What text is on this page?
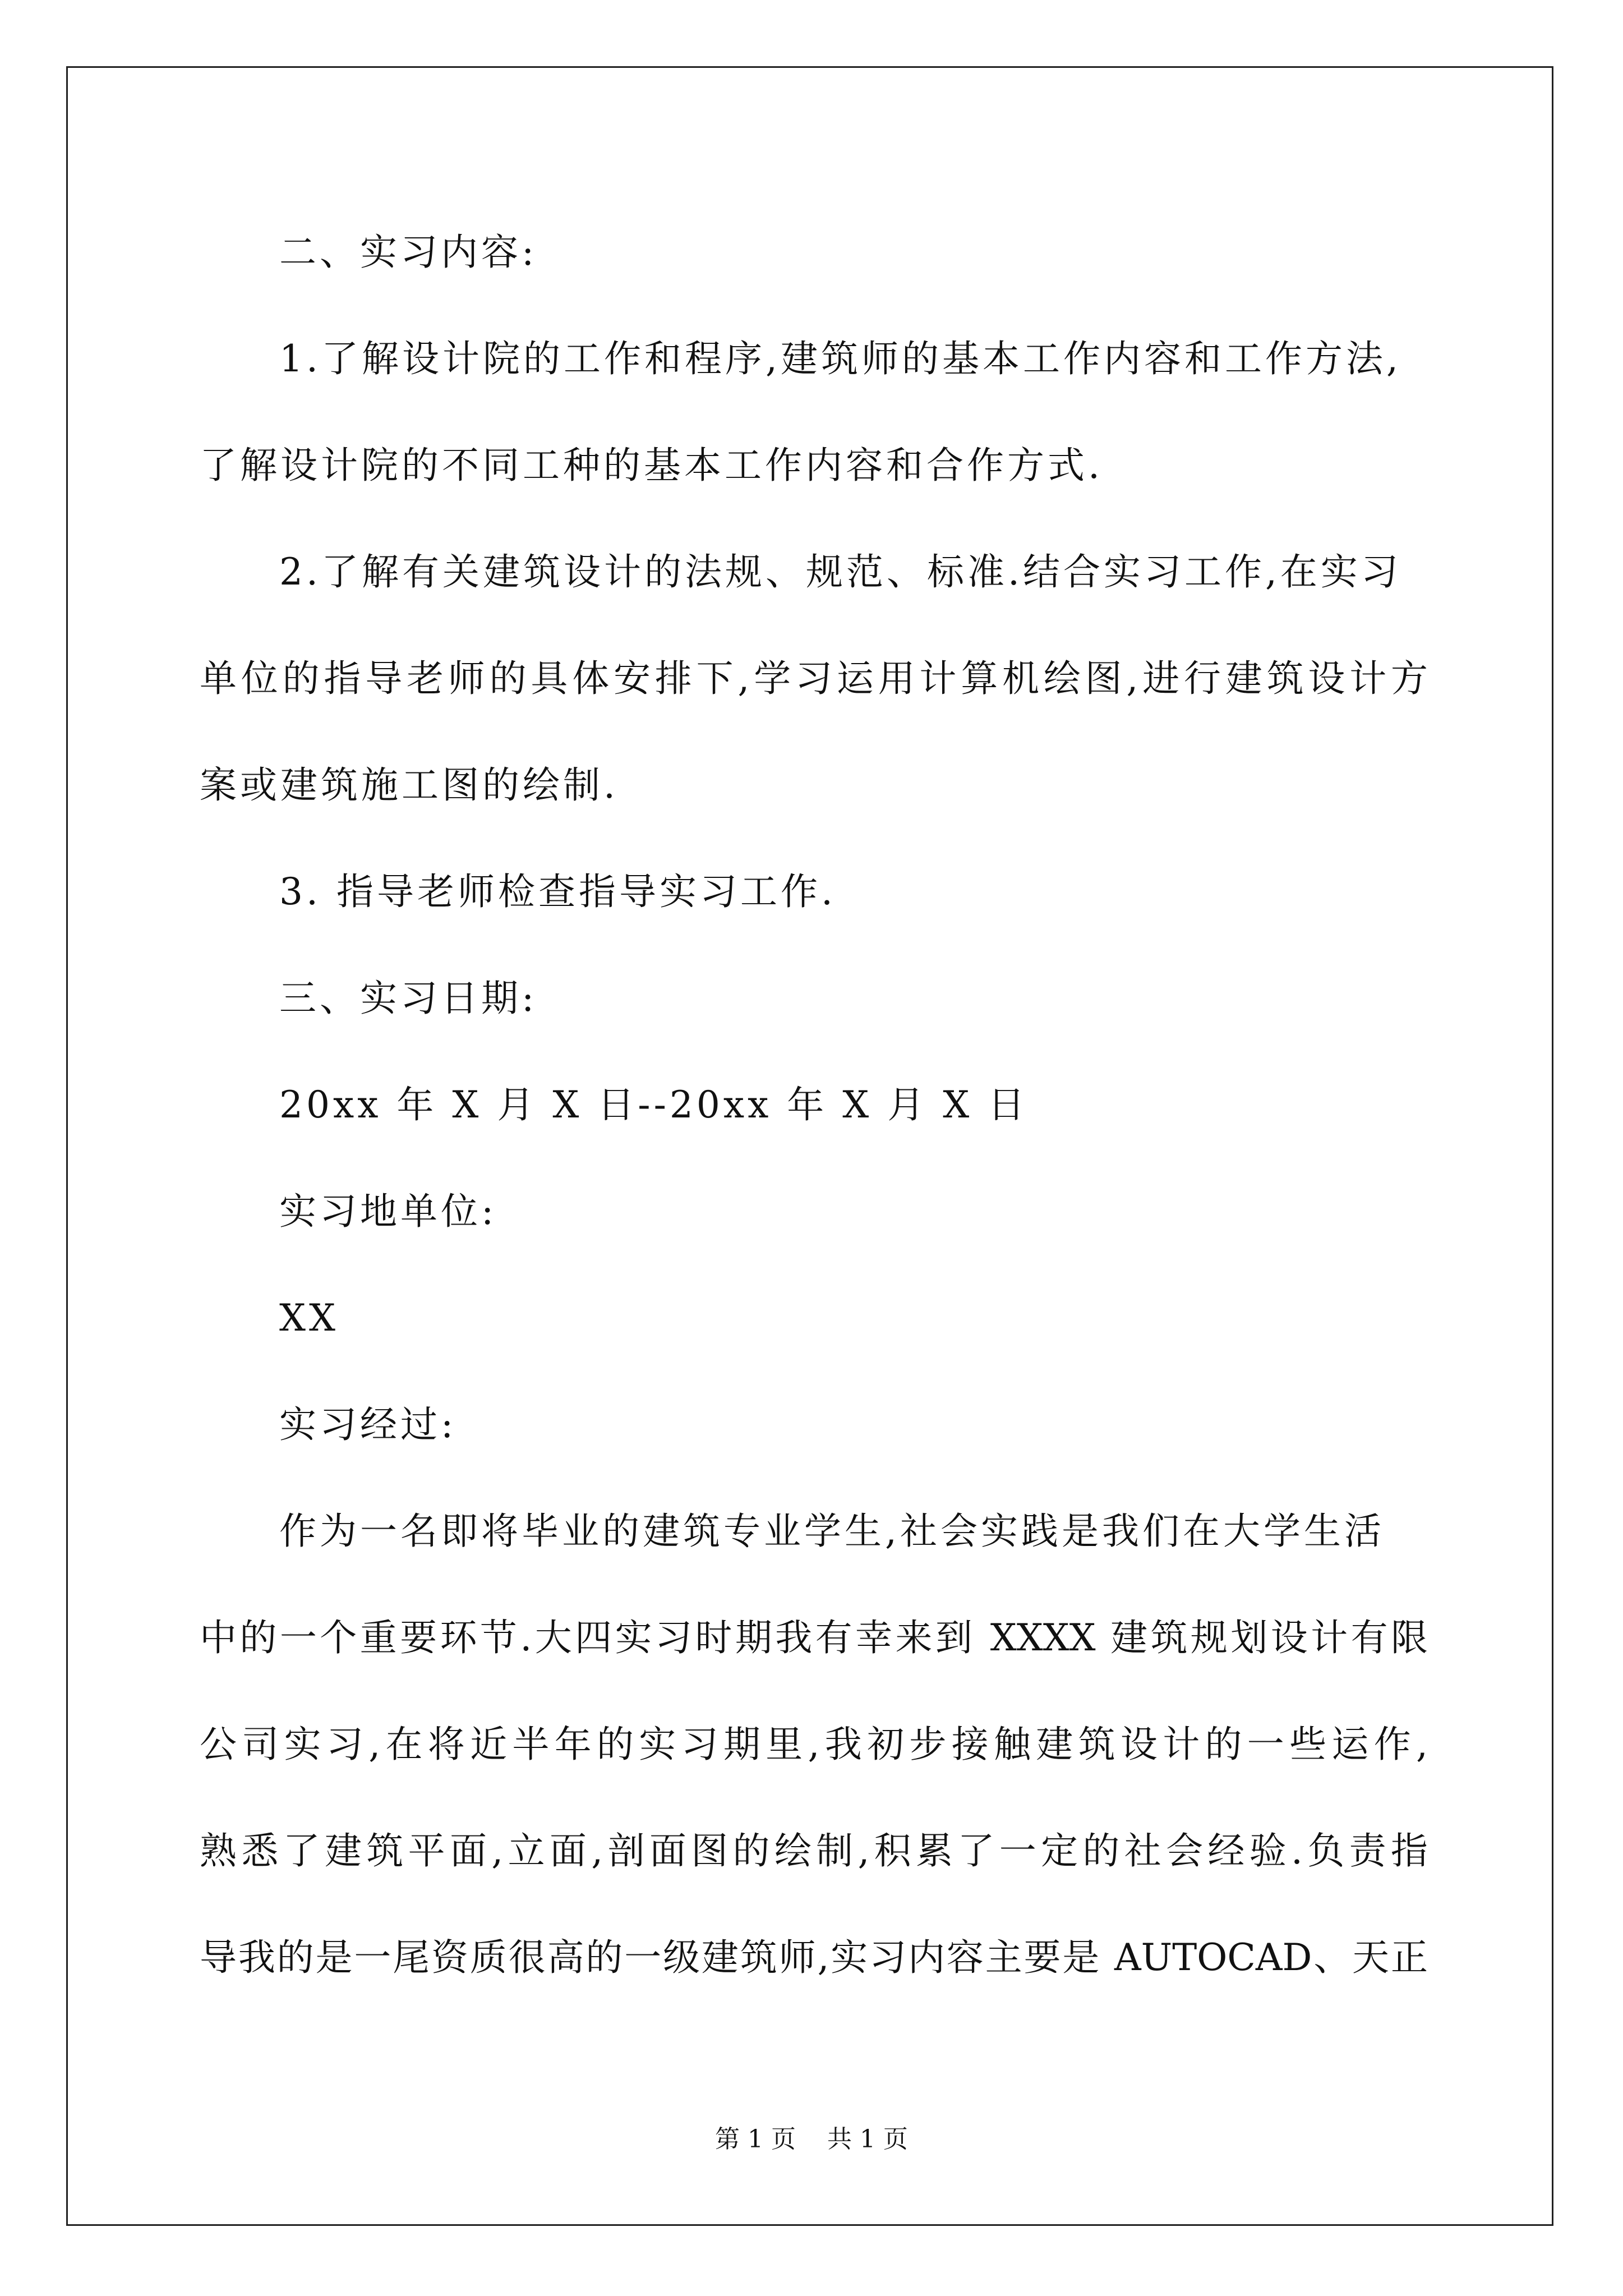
二、实习内容:
1.了解设计院的工作和程序,建筑师的基本工作内容和工作方法,
了解设计院的不同工种的基本工作内容和合作方式.
2.了解有关建筑设计的法规、规范、标准.结合实习工作,在实习
单位的指导老师的具体安排下,学习运用计算机绘图,进行建筑设计方
案或建筑施工图的绘制.
3. 指导老师检查指导实习工作.
三、实习日期:
20xx 年 X 月 X 日--20xx 年 X 月 X 日
实习地单位:
XX
实习经过:
作为一名即将毕业的建筑专业学生,社会实践是我们在大学生活
中的一个重要环节.大四实习时期我有幸来到 XXXX 建筑规划设计有限
公司实习,在将近半年的实习期里,我初步接触建筑设计的一些运作,
熟悉了建筑平面,立面,剖面图的绘制,积累了一定的社会经验.负责指
导我的是一尾资质很高的一级建筑师,实习内容主要是 AUTOCAD、天正
第 1 页    共 1 页
